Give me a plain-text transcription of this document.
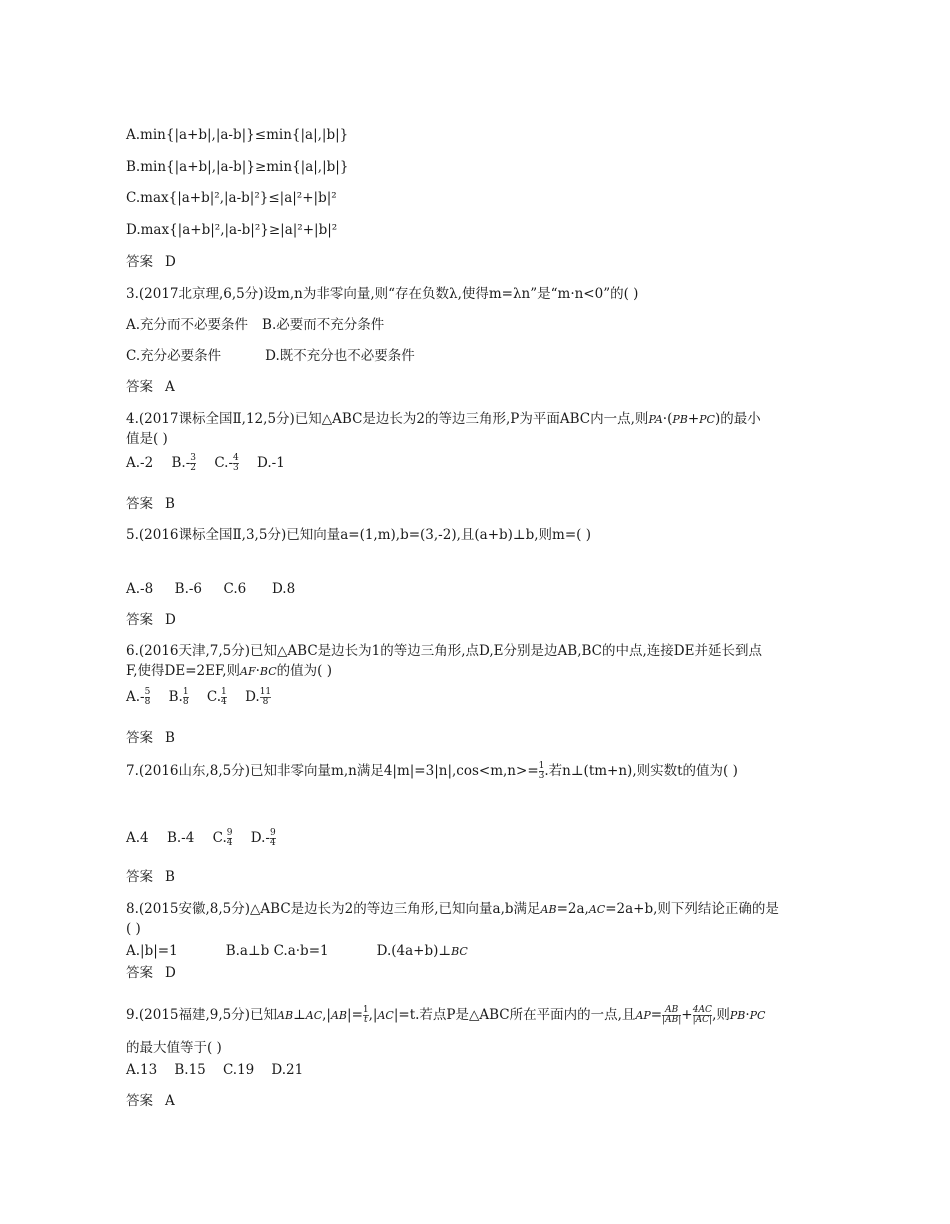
A.min{|a+b|,|a-b|}≤min{|a|,|b|}
B.min{|a+b|,|a-b|}≥min{|a|,|b|}
C.max{|a+b|²,|a-b|²}≤|a|²+|b|²
D.max{|a+b|²,|a-b|²}≥|a|²+|b|²
答案 D
3.(2017北京理,6,5分)设m,n为非零向量,则“存在负数λ,使得m=λn”是“m·n<0”的( )
A.充分而不必要条件 B.必要而不充分条件
C.充分必要条件	D.既不充分也不必要条件
答案 A
4.(2017课标全国Ⅱ,12,5分)已知△ABC是边长为2的等边三角形,P为平面ABC内一点,则PA·(PB+PC)的最小
值是( )
A.-2 $B.- \frac{3}{2} C.- \frac{4}{3} D.-1$
答案 B
5.(2016课标全国Ⅱ,3,5分)已知向量a=(1,m),b=(3,-2),且(a+b)⊥b,则m=( )
A.-8     B.-6     C.6      D.8
答案 D
6.(2016天津,7,5分)已知△ABC是边长为1的等边三角形,点D,E分别是边AB,BC的中点,连接DE并延长到点
F,使得DE=2EF,则AF·BC的值为( )
$A.- \frac{5}{8} B$. $\frac{1}{8} C$. $\frac{1}{4} D$. $\frac{11}{8}$
答案 B
7.(2016山东,8,5分)已知非零向量m,n满足$4|m|=3|n|,\cos<m,n>= \frac{1}{3}$ .若n⊥(tm+n),则实数t的值为( )
A.4 B.-4 C. $\frac{9}{4} D.- \frac{9}{4}$
答案 B
8.(2015安徽,8,5分)△ABC是边长为2的等边三角形,已知向量a,b满足AB=2a,AC=2a+b,则下列结论正确的是
( )
A.|b|=1	B.a⊥b C.a·b=1	D.(4a+b)⊥BC
答案 D
9.(2015福建,9,5分)已知AB⊥AC,|AB|= $\frac{1}{t} ,|AC|=t$.若点P是△ABC所在平面内的一点,且$AP= \frac{AB}{|AB|} + \frac{4AC}{|AC|}$ ,则PB·PC
的最大值等于( )
A.13    B.15    C.19    D.21
答案 A
